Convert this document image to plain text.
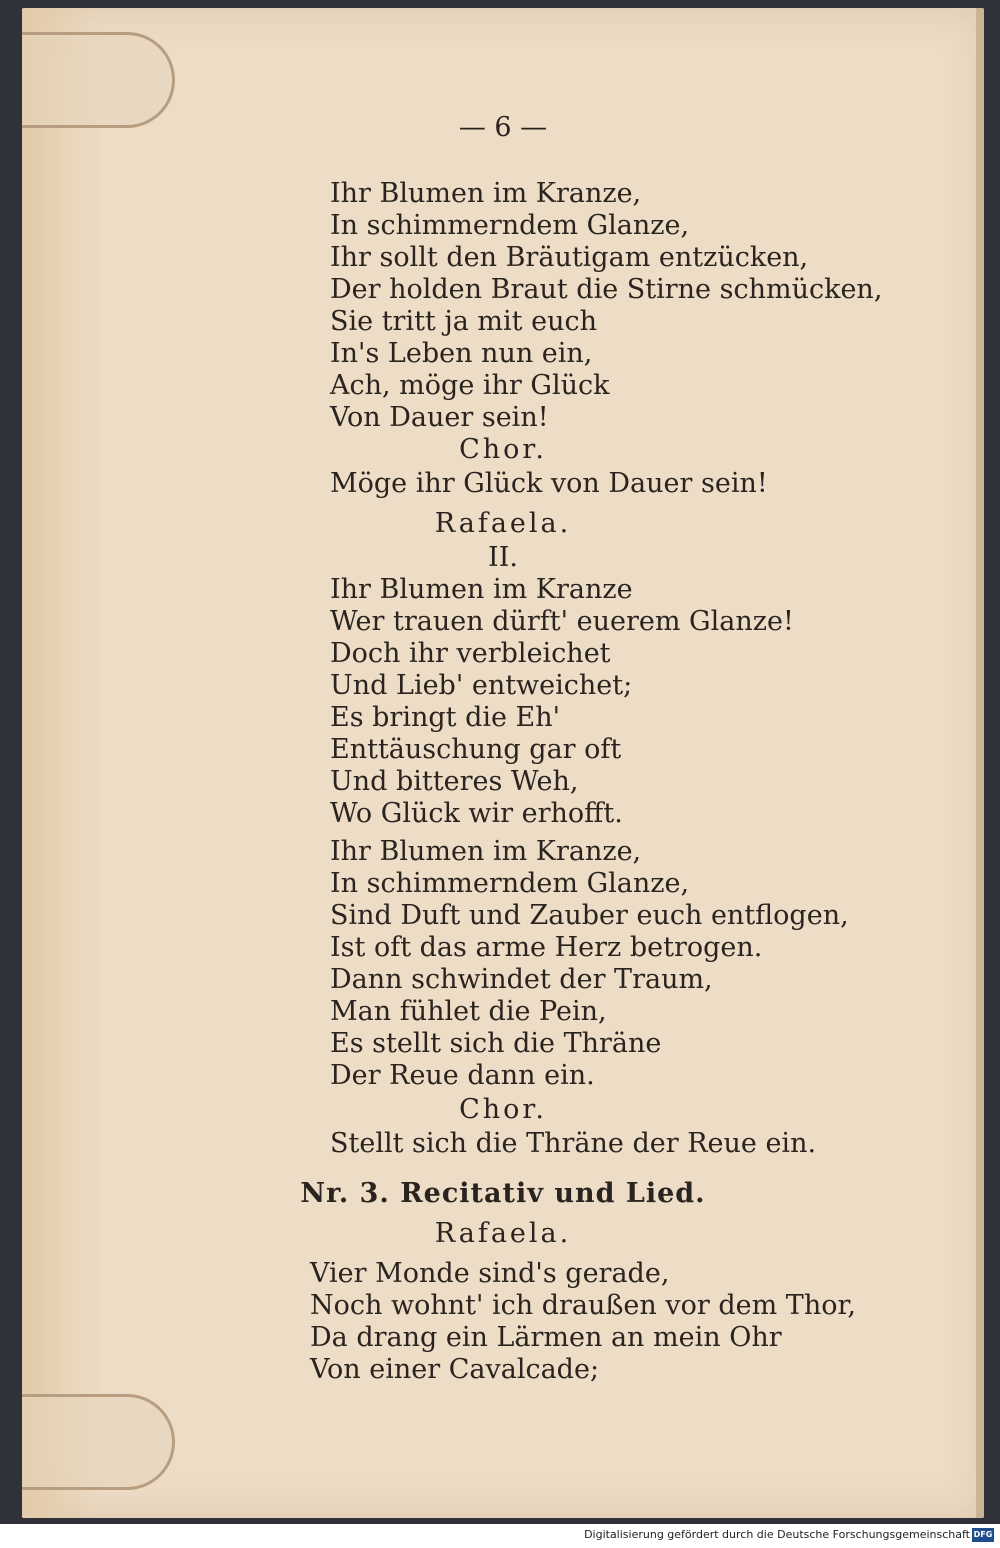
— 6 —
Ihr Blumen im Kranze,
In schimmerndem Glanze,
Ihr sollt den Bräutigam entzücken,
Der holden Braut die Stirne schmücken,
Sie tritt ja mit euch
In's Leben nun ein,
Ach, möge ihr Glück
Von Dauer sein!
Chor.
Möge ihr Glück von Dauer sein!
Rafaela.
II.
Ihr Blumen im Kranze
Wer trauen dürft' euerem Glanze!
Doch ihr verbleichet
Und Lieb' entweichet;
Es bringt die Eh'
Enttäuschung gar oft
Und bitteres Weh,
Wo Glück wir erhofft.
Ihr Blumen im Kranze,
In schimmerndem Glanze,
Sind Duft und Zauber euch entflogen,
Ist oft das arme Herz betrogen.
Dann schwindet der Traum,
Man fühlet die Pein,
Es stellt sich die Thräne
Der Reue dann ein.
Chor.
Stellt sich die Thräne der Reue ein.
Nr. 3. Recitativ und Lied.
Rafaela.
Vier Monde sind's gerade,
Noch wohnt' ich draußen vor dem Thor,
Da drang ein Lärmen an mein Ohr
Von einer Cavalcade;
Digitalisierung gefördert durch die Deutsche Forschungsgemeinschaft DFG
